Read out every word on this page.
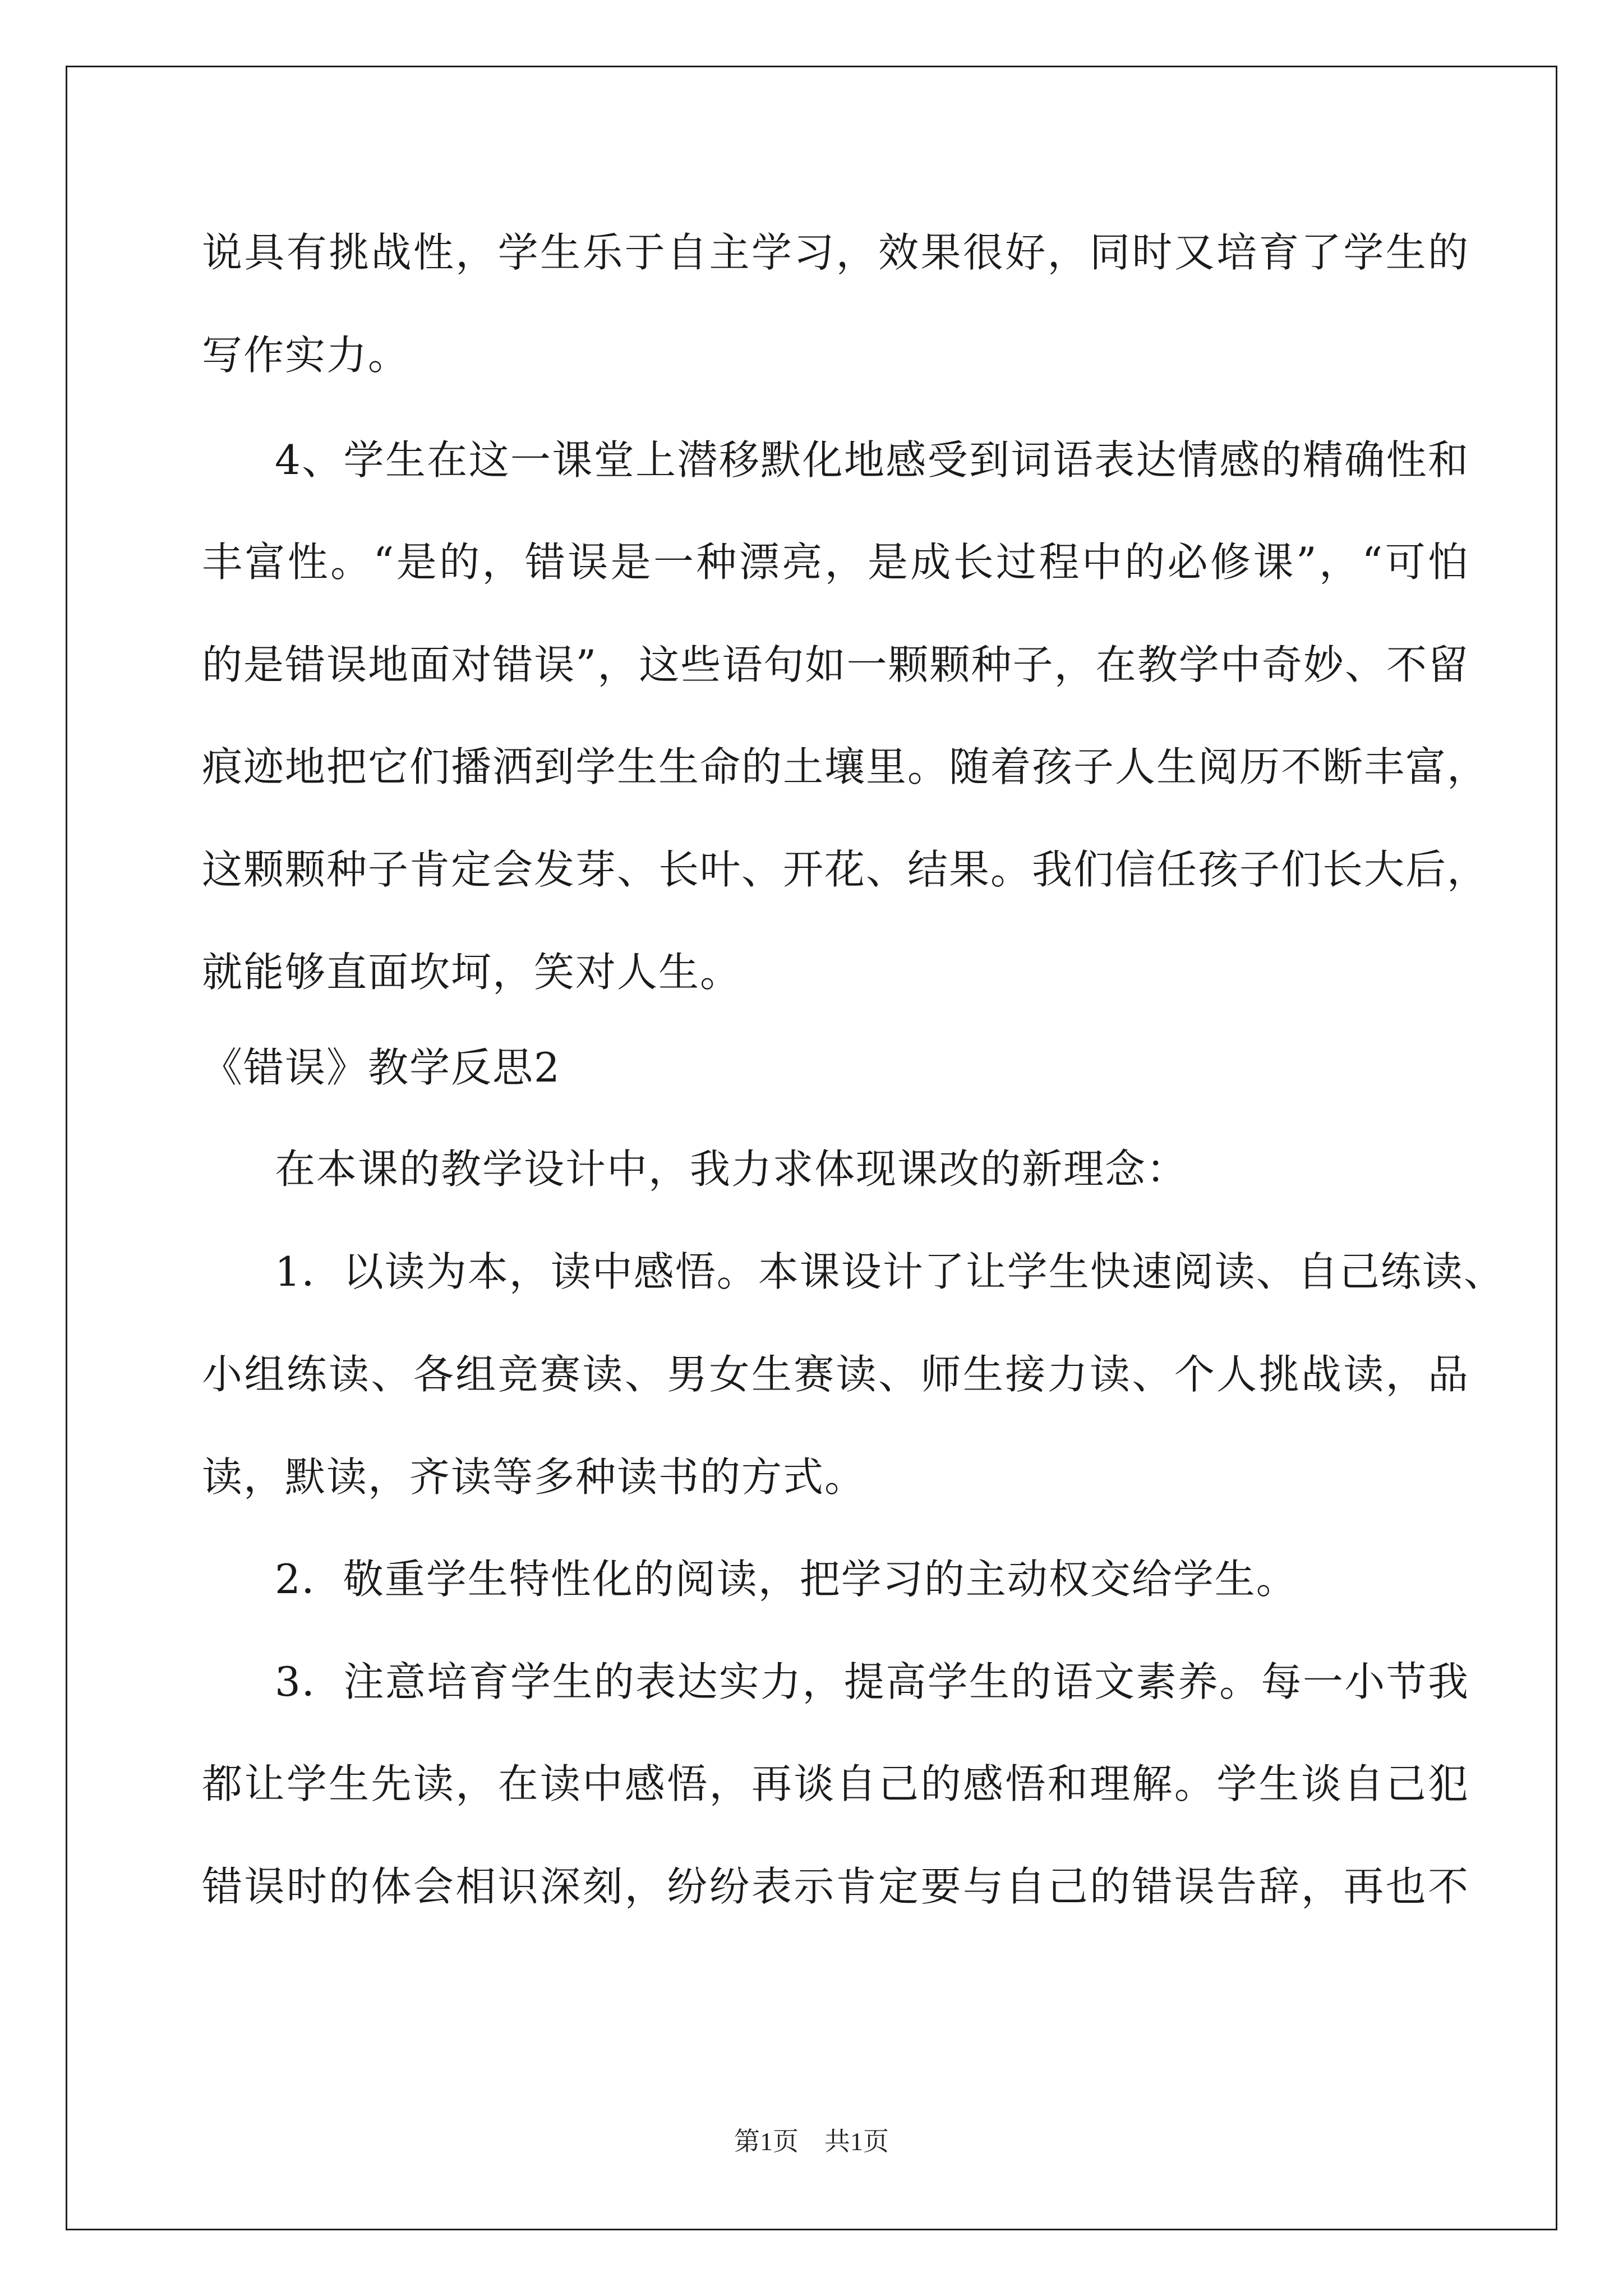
说具有挑战性，学生乐于自主学习，效果很好，同时又培育了学生的
写作实力。
4、学生在这一课堂上潜移默化地感受到词语表达情感的精确性和
丰富性。“是的，错误是一种漂亮，是成长过程中的必修课”，“可怕
的是错误地面对错误”，这些语句如一颗颗种子，在教学中奇妙、不留
痕迹地把它们播洒到学生生命的土壤里。随着孩子人生阅历不断丰富，
这颗颗种子肯定会发芽、长叶、开花、结果。我们信任孩子们长大后，
就能够直面坎坷，笑对人生。
《错误》教学反思2
在本课的教学设计中，我力求体现课改的新理念：
1．以读为本，读中感悟。本课设计了让学生快速阅读、自己练读、
小组练读、各组竞赛读、男女生赛读、师生接力读、个人挑战读，品
读，默读，齐读等多种读书的方式。
2．敬重学生特性化的阅读，把学习的主动权交给学生。
3．注意培育学生的表达实力，提高学生的语文素养。每一小节我
都让学生先读，在读中感悟，再谈自己的感悟和理解。学生谈自己犯
错误时的体会相识深刻，纷纷表示肯定要与自己的错误告辞，再也不
第1页　共1页
